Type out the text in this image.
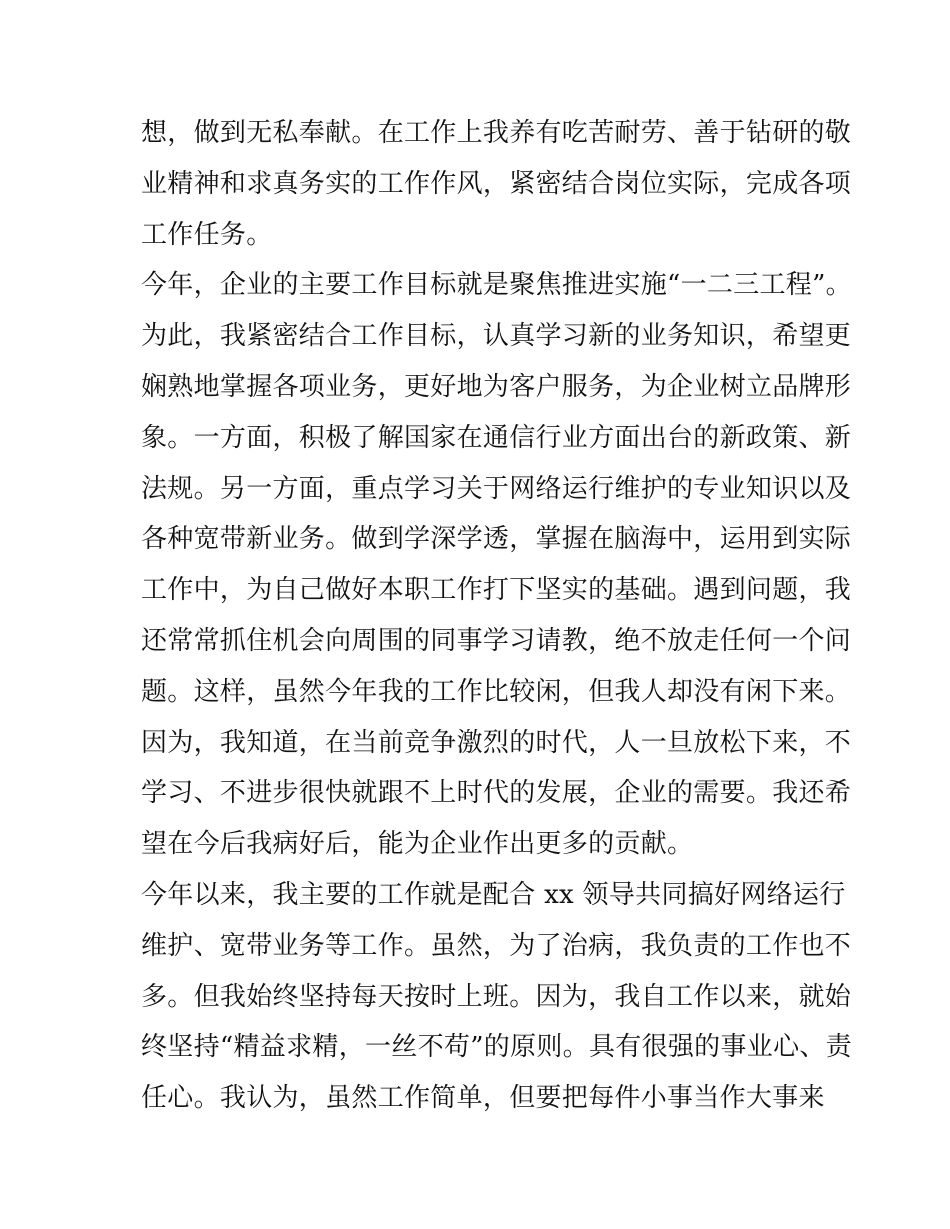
想，做到无私奉献。在工作上我养有吃苦耐劳、善于钻研的敬
业精神和求真务实的工作作风，紧密结合岗位实际，完成各项
工作任务。
今年，企业的主要工作目标就是聚焦推进实施“一二三工程”。
为此，我紧密结合工作目标，认真学习新的业务知识，希望更
娴熟地掌握各项业务，更好地为客户服务，为企业树立品牌形
象。一方面，积极了解国家在通信行业方面出台的新政策、新
法规。另一方面，重点学习关于网络运行维护的专业知识以及
各种宽带新业务。做到学深学透，掌握在脑海中，运用到实际
工作中，为自己做好本职工作打下坚实的基础。遇到问题，我
还常常抓住机会向周围的同事学习请教，绝不放走任何一个问
题。这样，虽然今年我的工作比较闲，但我人却没有闲下来。
因为，我知道，在当前竞争激烈的时代，人一旦放松下来，不
学习、不进步很快就跟不上时代的发展，企业的需要。我还希
望在今后我病好后，能为企业作出更多的贡献。
今年以来，我主要的工作就是配合 xx 领导共同搞好网络运行
维护、宽带业务等工作。虽然，为了治病，我负责的工作也不
多。但我始终坚持每天按时上班。因为，我自工作以来，就始
终坚持“精益求精，一丝不苟”的原则。具有很强的事业心、责
任心。我认为，虽然工作简单，但要把每件小事当作大事来
